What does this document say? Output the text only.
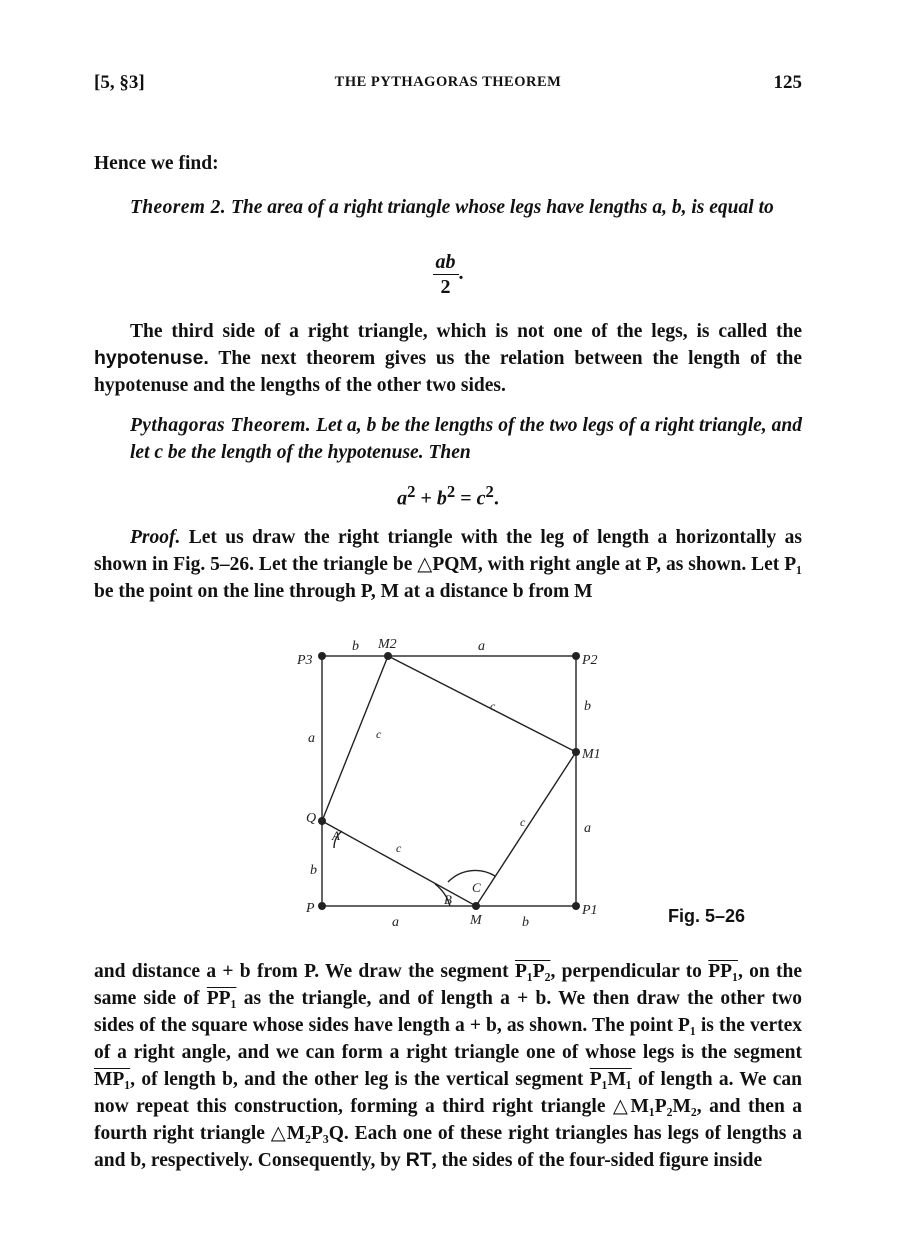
[5, §3]	THE PYTHAGORAS THEOREM	125
Hence we find:
Theorem 2. The area of a right triangle whose legs have lengths a, b, is equal to
$\frac{ab}{2}$ .
The third side of a right triangle, which is not one of the legs, is called the hypotenuse. The next theorem gives us the relation between the length of the hypotenuse and the lengths of the other two sides.
Pythagoras Theorem. Let a, b be the lengths of the two legs of a right triangle, and let c be the length of the hypotenuse. Then
$a^2 + b^2 = c^2$.
Proof. Let us draw the right triangle with the leg of length a horizontally as shown in Fig. 5–26. Let the triangle be △PQM, with right angle at P, as shown. Let P₁ be the point on the line through P, M at a distance b from M
P3
M2
P2
M1
Q
P
M
P1
b	a
b
a
a
b
a	b
c
c
c
c
A
B
C
Fig. 5–26
and distance a + b from P. We draw the segment P₁P₂, perpendicular to PP₁, on the same side of PP₁ as the triangle, and of length a + b. We then draw the other two sides of the square whose sides have length a + b, as shown. The point P₁ is the vertex of a right angle, and we can form a right triangle one of whose legs is the segment MP₁, of length b, and the other leg is the vertical segment P₁M₁ of length a. We can now repeat this construction, forming a third right triangle △M₁P₂M₂, and then a fourth right triangle △M₂P₃Q. Each one of these right triangles has legs of lengths a and b, respectively. Consequently, by RT, the sides of the four-sided figure inside
